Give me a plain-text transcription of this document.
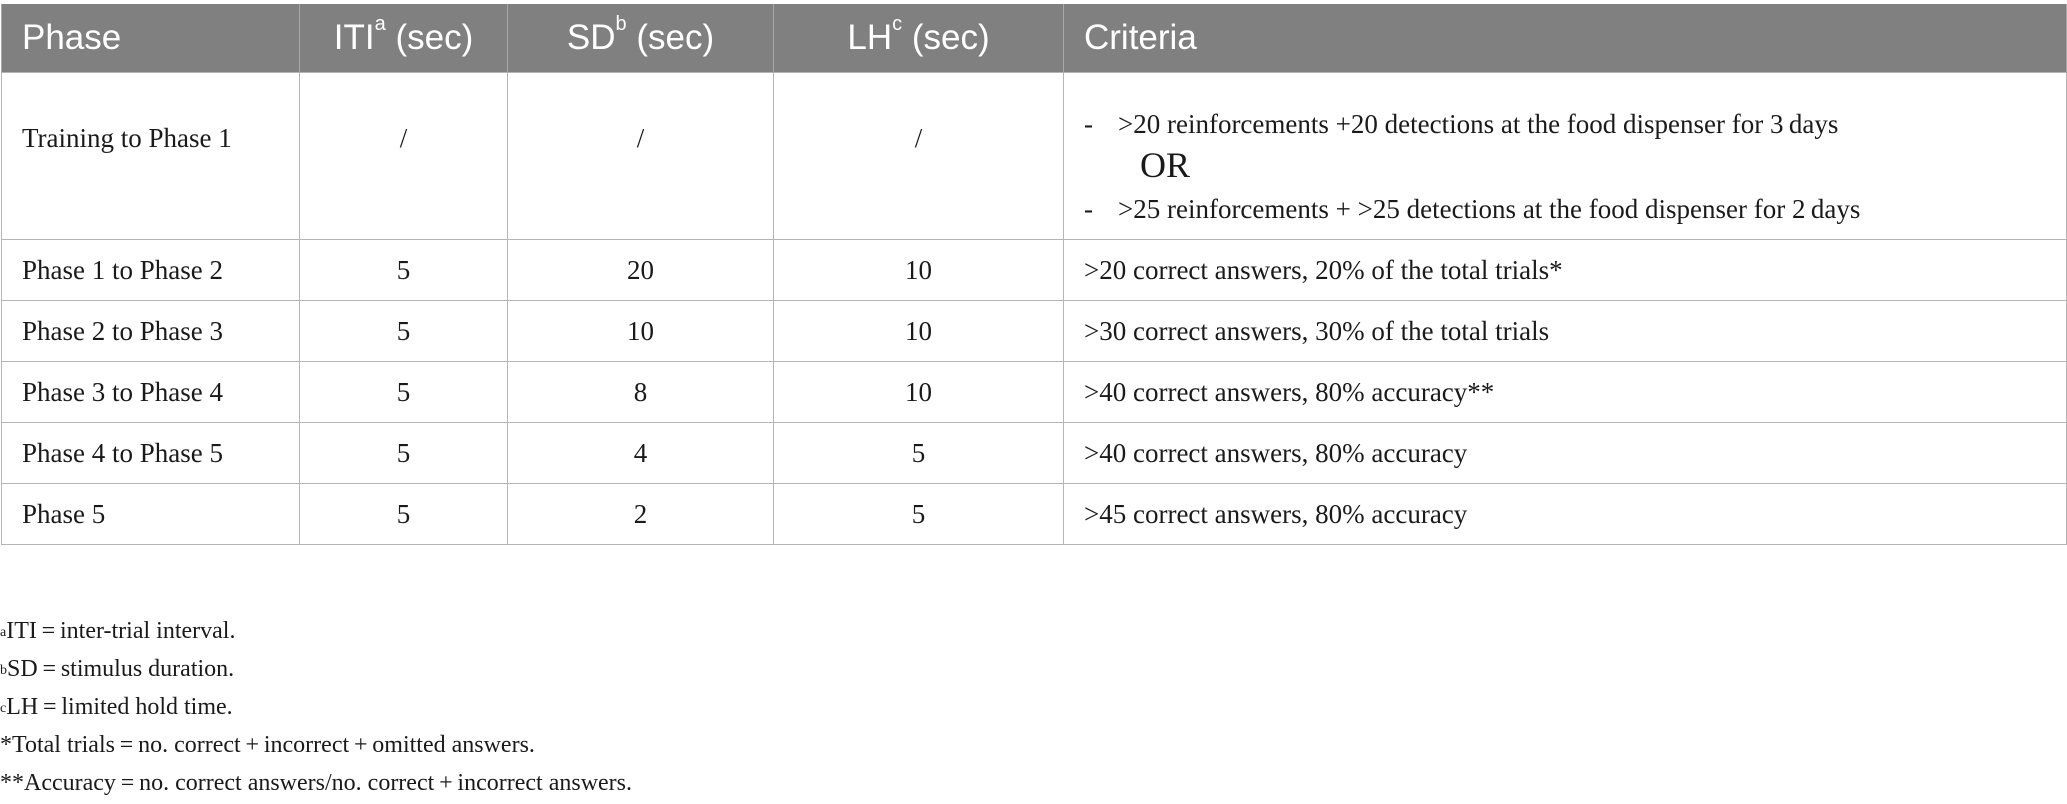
Phase	ITI$^a$ (sec)	$SD^b$ (sec)	$LH^c$ (sec)	Criteria
Training to Phase 1	/	/	/	- >20 reinforcements +20 detections at the food dispenser for 3 days
OR
- >25 reinforcements + >25 detections at the food dispenser for 2 days

Phase 1 to Phase 2	5	20	10	>20 correct answers, 20% of the total trials*
Phase 2 to Phase 3	5	10	10	>30 correct answers, 30% of the total trials
Phase 3 to Phase 4	5	8	10	>40 correct answers, 80% accuracy**
Phase 4 to Phase 5	5	4	5	>40 correct answers, 80% accuracy
Phase 5	5	2	5	>45 correct answers, 80% accuracy
$^a$ITI = inter-trial interval.
$^b$SD = stimulus duration.
$^c$LH = limited hold time.
*Total trials = no. correct + incorrect + omitted answers.
**Accuracy = no. correct answers/no. correct + incorrect answers.
